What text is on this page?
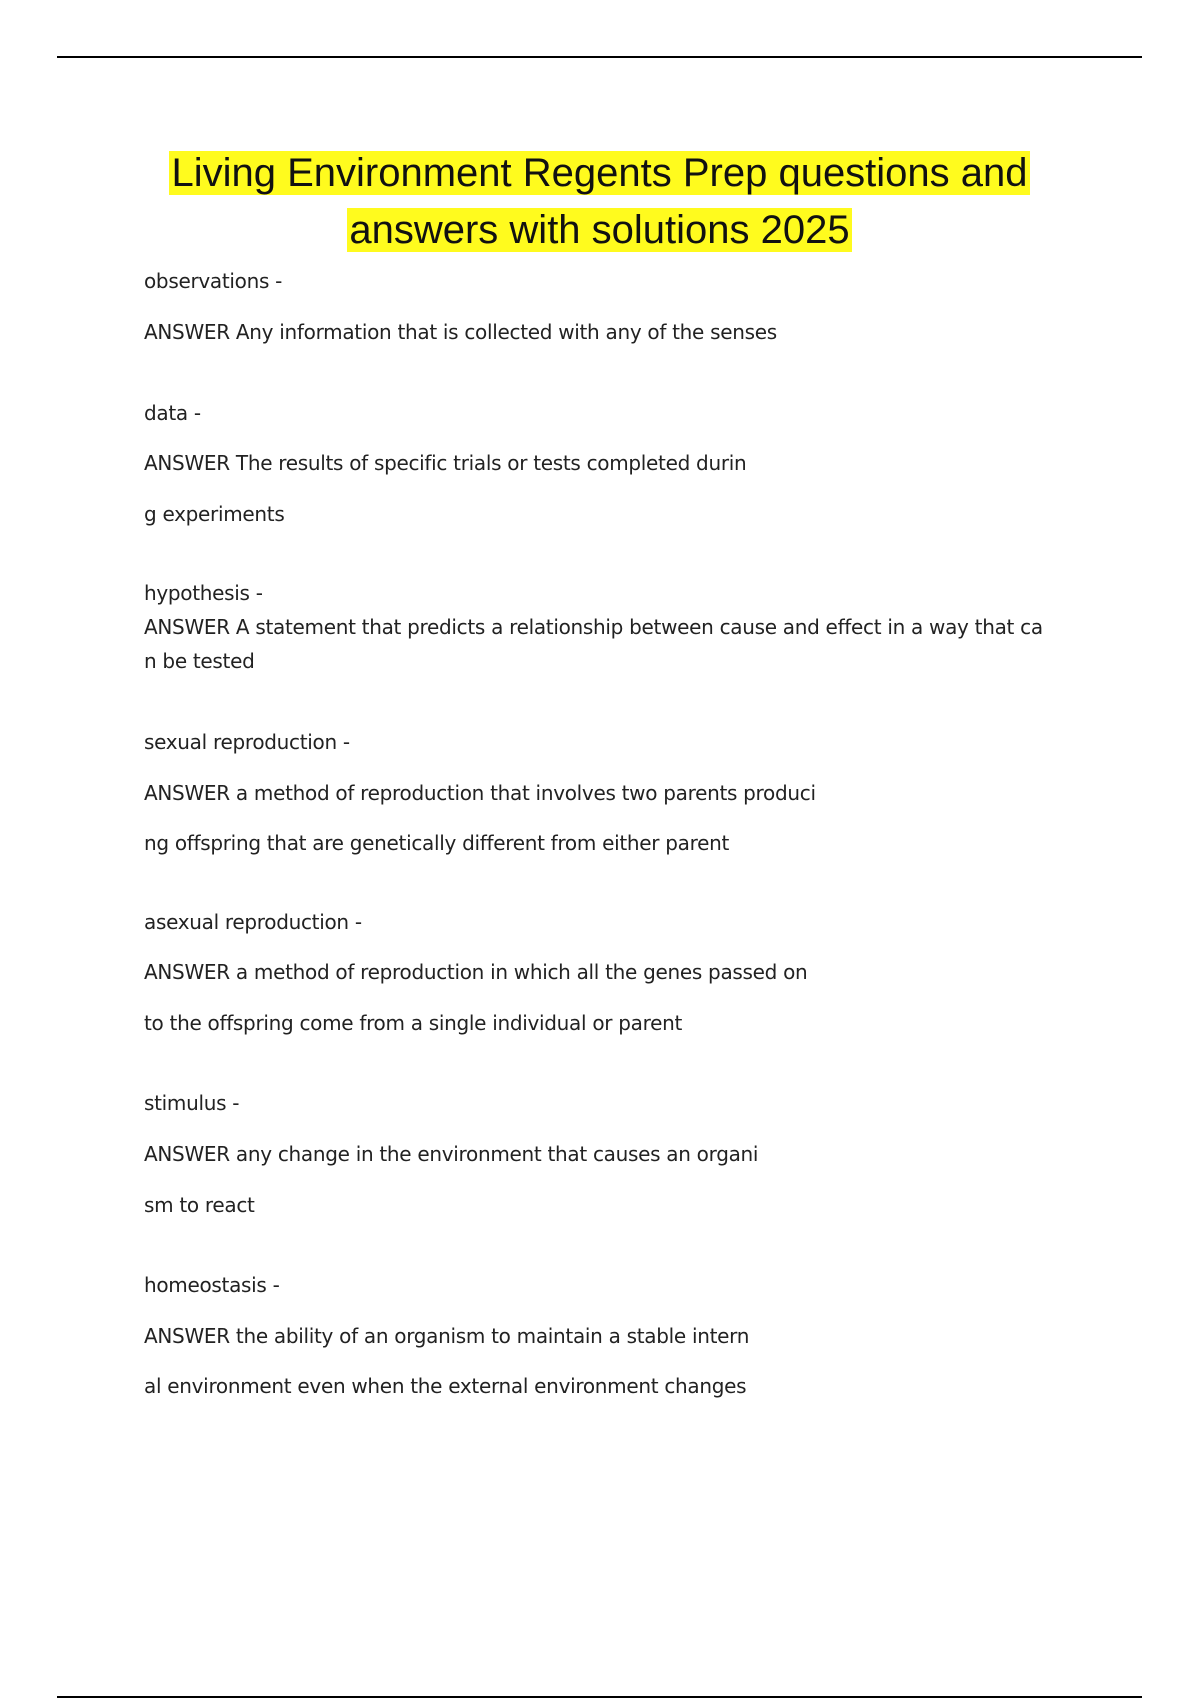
Living Environment Regents Prep questions and
answers with solutions 2025
observations -
ANSWER Any information that is collected with any of the senses
data -
ANSWER The results of specific trials or tests completed durin
g experiments
hypothesis -
ANSWER A statement that predicts a relationship between cause and effect in a way that ca
n be tested
sexual reproduction -
ANSWER a method of reproduction that involves two parents produci
ng offspring that are genetically different from either parent
asexual reproduction -
ANSWER a method of reproduction in which all the genes passed on
to the offspring come from a single individual or parent
stimulus -
ANSWER any change in the environment that causes an organi
sm to react
homeostasis -
ANSWER the ability of an organism to maintain a stable intern
al environment even when the external environment changes
